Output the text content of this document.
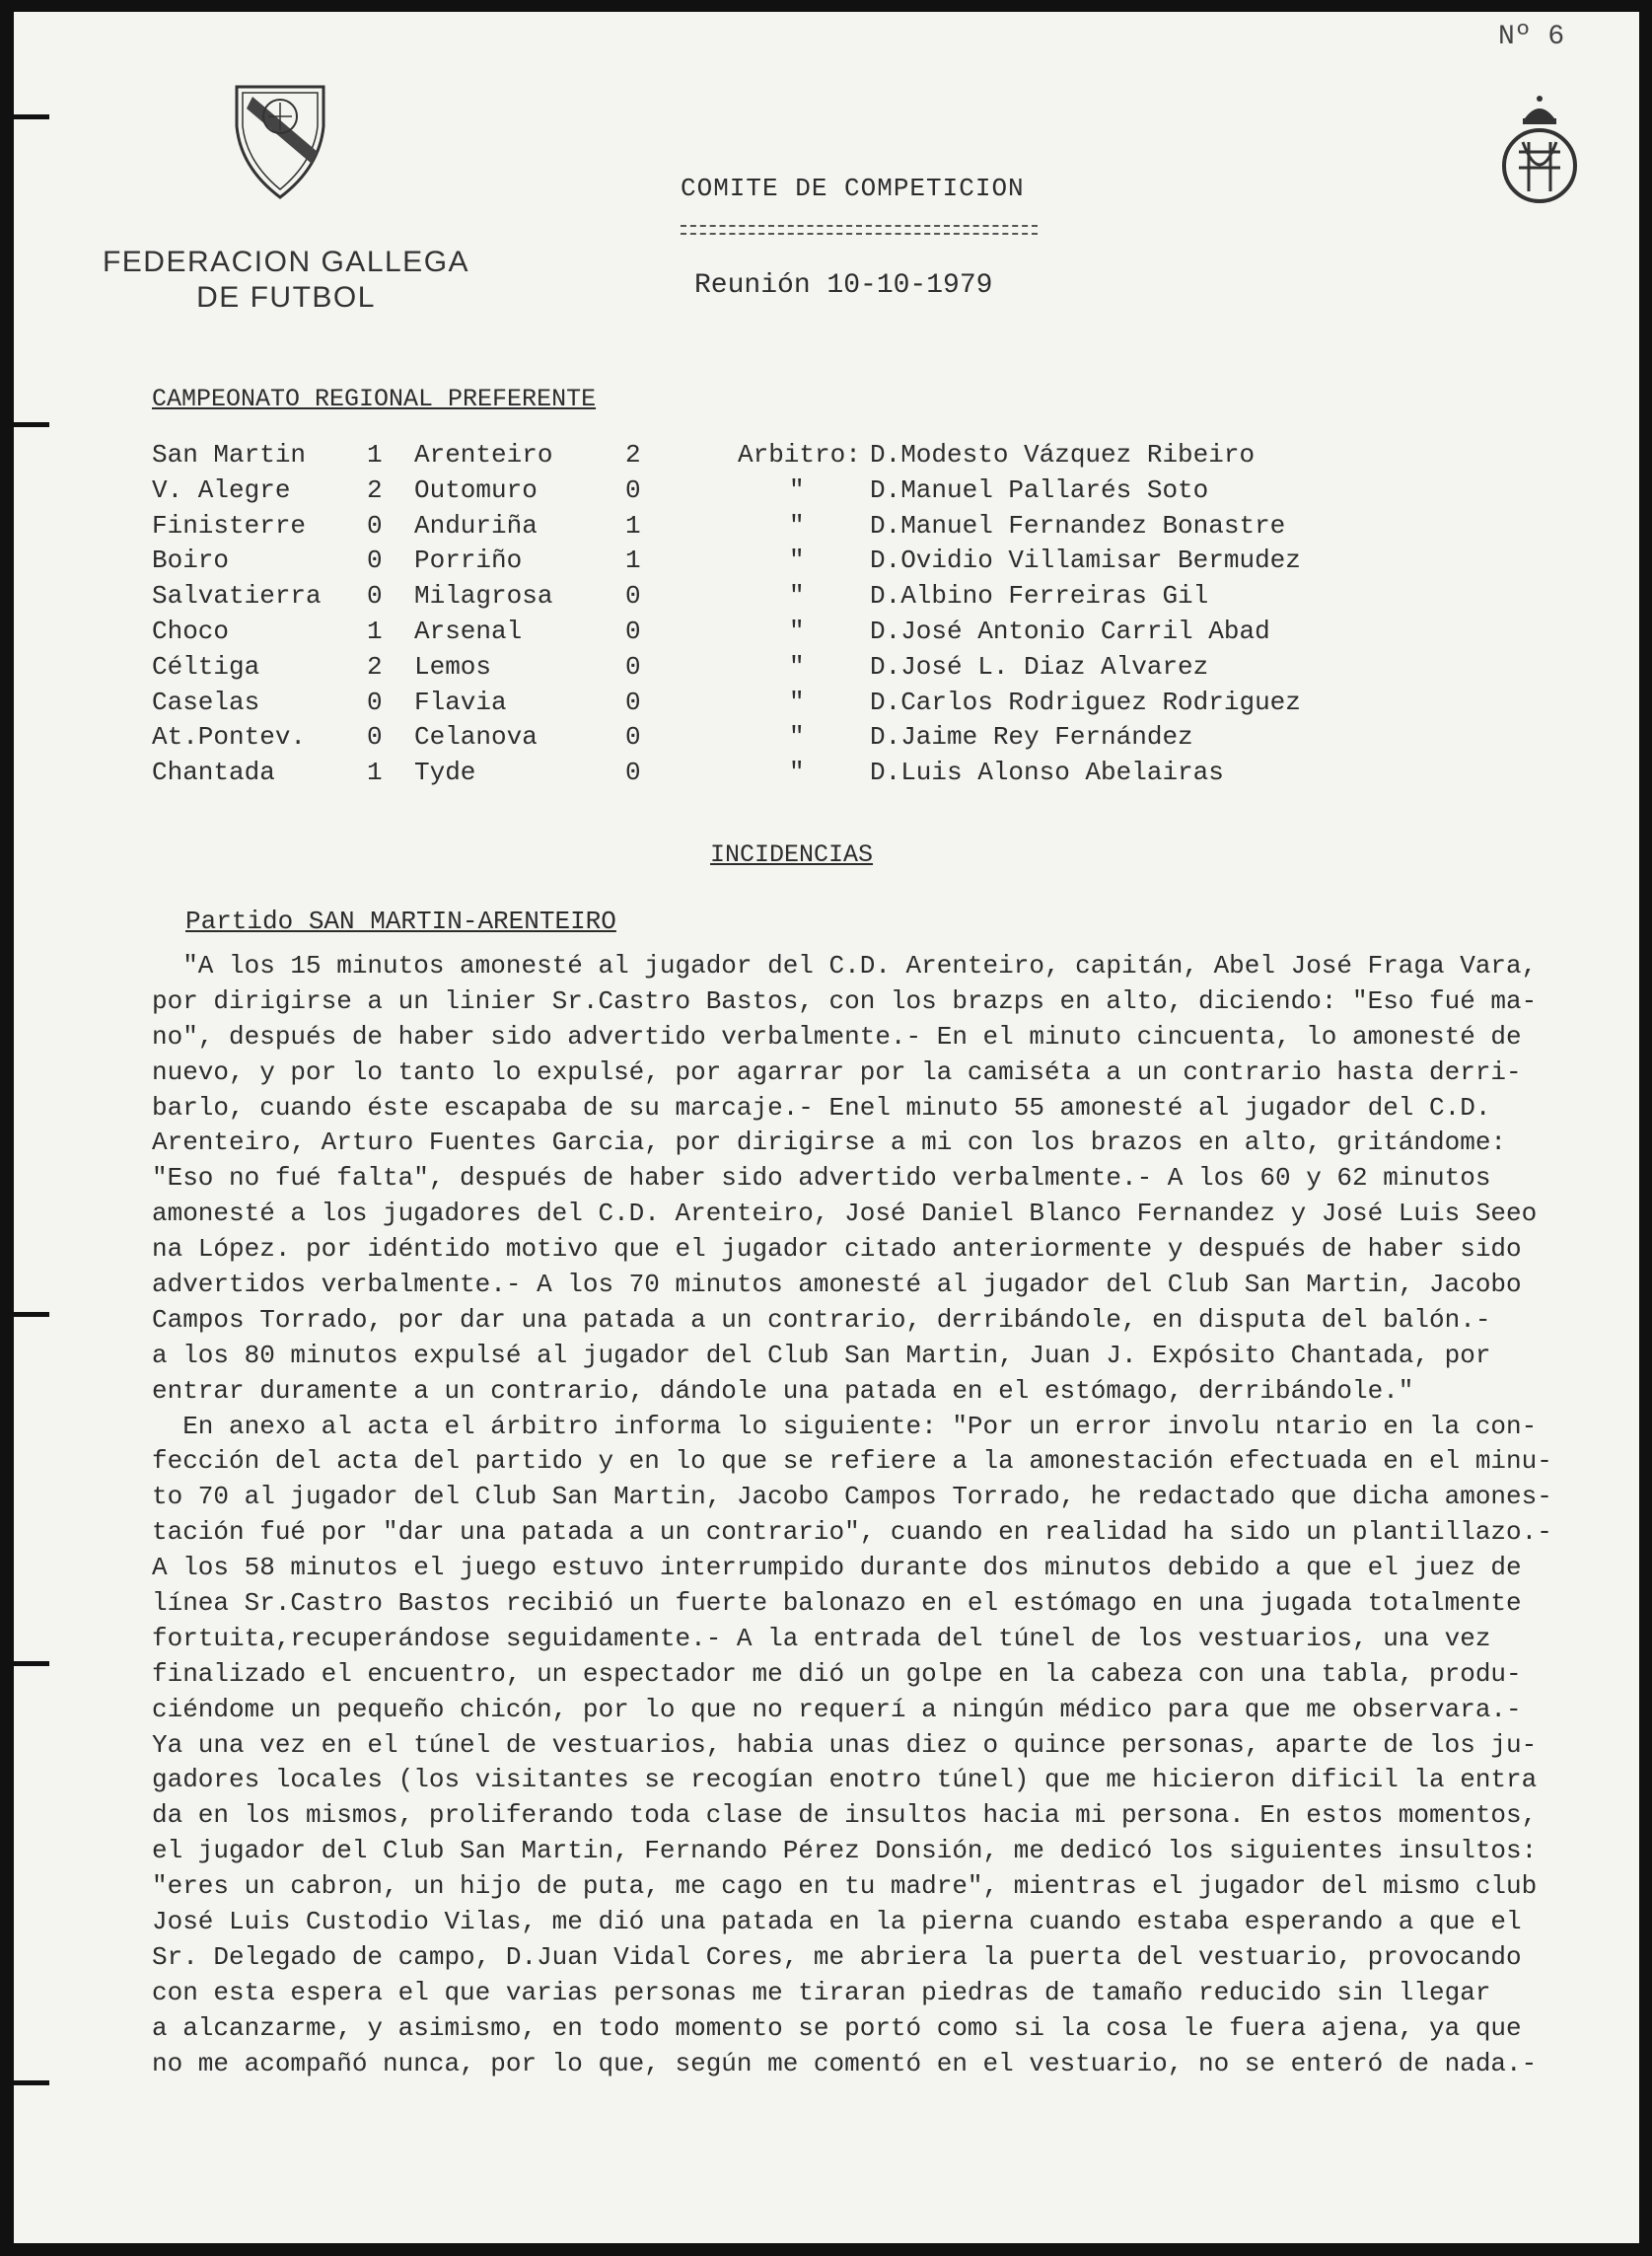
Nº 6
FEDERACION GALLEGA
DE FUTBOL
COMITE DE COMPETICION
Reunión 10-10-1979
CAMPEONATO REGIONAL PREFERENTE
San Martin 1 Arenteiro	2	Arbitro: D.Modesto Vázquez Ribeiro
V. Alegre	2 Outomuro	0	"	D.Manuel Pallarés Soto
Finisterre 0 Anduriña	1	"	D.Manuel Fernandez Bonastre
Boiro	0 Porriño	1	"	D.Ovidio Villamisar Bermudez
Salvatierra 0 Milagrosa	0	"	D.Albino Ferreiras Gil
Choco	1 Arsenal	0	"	D.José Antonio Carril Abad
Céltiga	2 Lemos	0	"	D.José L. Diaz Alvarez
Caselas	0 Flavia	0	"	D.Carlos Rodriguez Rodriguez
At.Pontev. 0 Celanova	0	"	D.Jaime Rey Fernández
Chantada	1 Tyde	0	"	D.Luis Alonso Abelairas
INCIDENCIAS
Partido SAN MARTIN-ARENTEIRO
"A los 15 minutos amonesté al jugador del C.D. Arenteiro, capitán, Abel José Fraga Vara,
por dirigirse a un linier Sr.Castro Bastos, con los brazps en alto, diciendo: "Eso fué ma-
no", después de haber sido advertido verbalmente.- En el minuto cincuenta, lo amonesté de
nuevo, y por lo tanto lo expulsé, por agarrar por la camiséta a un contrario hasta derri-
barlo, cuando éste escapaba de su marcaje.- Enel minuto 55 amonesté al jugador del C.D.
Arenteiro, Arturo Fuentes Garcia, por dirigirse a mi con los brazos en alto, gritándome:
"Eso no fué falta", después de haber sido advertido verbalmente.- A los 60 y 62 minutos
amonesté a los jugadores del C.D. Arenteiro, José Daniel Blanco Fernandez y José Luis Seeo
na López. por idéntido motivo que el jugador citado anteriormente y después de haber sido
advertidos verbalmente.- A los 70 minutos amonesté al jugador del Club San Martin, Jacobo
Campos Torrado, por dar una patada a un contrario, derribándole, en disputa del balón.-
a los 80 minutos expulsé al jugador del Club San Martin, Juan J. Expósito Chantada, por
entrar duramente a un contrario, dándole una patada en el estómago, derribándole."
En anexo al acta el árbitro informa lo siguiente: "Por un error involu ntario en la con-
fección del acta del partido y en lo que se refiere a la amonestación efectuada en el minu-
to 70 al jugador del Club San Martin, Jacobo Campos Torrado, he redactado que dicha amones-
tación fué por "dar una patada a un contrario", cuando en realidad ha sido un plantillazo.-
A los 58 minutos el juego estuvo interrumpido durante dos minutos debido a que el juez de
línea Sr.Castro Bastos recibió un fuerte balonazo en el estómago en una jugada totalmente
fortuita,recuperándose seguidamente.- A la entrada del túnel de los vestuarios, una vez
finalizado el encuentro, un espectador me dió un golpe en la cabeza con una tabla, produ-
ciéndome un pequeño chicón, por lo que no requerí a ningún médico para que me observara.-
Ya una vez en el túnel de vestuarios, habia unas diez o quince personas, aparte de los ju-
gadores locales (los visitantes se recogían enotro túnel) que me hicieron dificil la entra
da en los mismos, proliferando toda clase de insultos hacia mi persona. En estos momentos,
el jugador del Club San Martin, Fernando Pérez Donsión, me dedicó los siguientes insultos:
"eres un cabron, un hijo de puta, me cago en tu madre", mientras el jugador del mismo club
José Luis Custodio Vilas, me dió una patada en la pierna cuando estaba esperando a que el
Sr. Delegado de campo, D.Juan Vidal Cores, me abriera la puerta del vestuario, provocando
con esta espera el que varias personas me tiraran piedras de tamaño reducido sin llegar
a alcanzarme, y asimismo, en todo momento se portó como si la cosa le fuera ajena, ya que
no me acompañó nunca, por lo que, según me comentó en el vestuario, no se enteró de nada.-
